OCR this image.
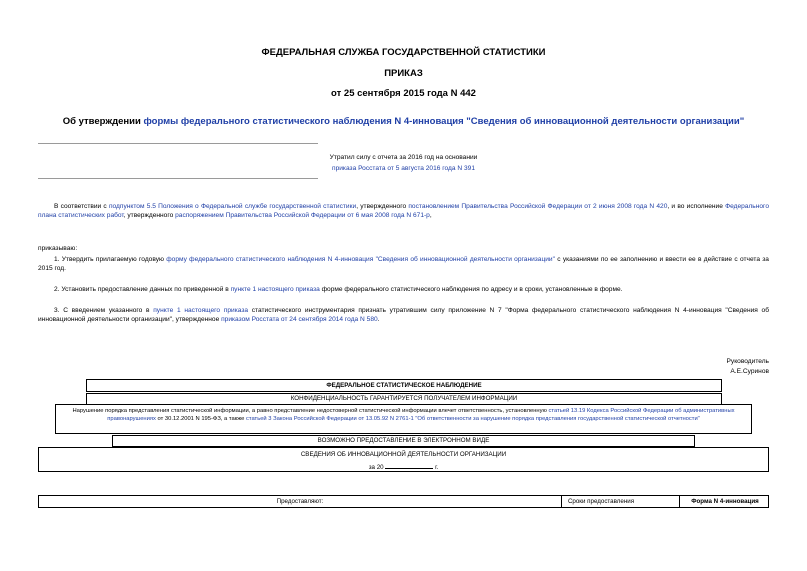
ФЕДЕРАЛЬНАЯ СЛУЖБА ГОСУДАРСТВЕННОЙ СТАТИСТИКИ
ПРИКАЗ
от 25 сентября 2015 года N 442
Об утверждении формы федерального статистического наблюдения N 4-инновация "Сведения об инновационной деятельности организации"
Утратил силу с отчета за 2016 год на основании
приказа Росстата от 5 августа 2016 года N 391
В соответствии с подпунктом 5.5 Положения о Федеральной службе государственной статистики, утвержденного постановлением Правительства Российской Федерации от 2 июня 2008 года N 420, и во исполнение Федерального плана статистических работ, утвержденного распоряжением Правительства Российской Федерации от 6 мая 2008 года N 671-р,
приказываю:
1. Утвердить прилагаемую годовую форму федерального статистического наблюдения N 4-инновация "Сведения об инновационной деятельности организации" с указаниями по ее заполнению и ввести ее в действие с отчета за 2015 год.
2. Установить предоставление данных по приведенной в пункте 1 настоящего приказа форме федерального статистического наблюдения по адресу и в сроки, установленные в форме.
3. С введением указанного в пункте 1 настоящего приказа статистического инструментария признать утратившим силу приложение N 7 "Форма федерального статистического наблюдения N 4-инновация "Сведения об инновационной деятельности организации", утвержденное приказом Росстата от 24 сентября 2014 года N 580.
Руководитель
А.Е.Суринов
ФЕДЕРАЛЬНОЕ СТАТИСТИЧЕСКОЕ НАБЛЮДЕНИЕ
КОНФИДЕНЦИАЛЬНОСТЬ ГАРАНТИРУЕТСЯ ПОЛУЧАТЕЛЕМ ИНФОРМАЦИИ
Нарушение порядка представления статистической информации, а равно представление недостоверной статистической информации влечет ответственность, установленную статьей 13.19 Кодекса Российской Федерации об административных правонарушениях от 30.12.2001 N 195-ФЗ, а также статьей 3 Закона Российской Федерации от 13.05.92 N 2761-1 "Об ответственности за нарушение порядка представления государственной статистической отчетности"
ВОЗМОЖНО ПРЕДОСТАВЛЕНИЕ В ЭЛЕКТРОННОМ ВИДЕ
СВЕДЕНИЯ ОБ ИННОВАЦИОННОЙ ДЕЯТЕЛЬНОСТИ ОРГАНИЗАЦИИ
за 20	г.
Предоставляют:	Сроки предоставления	Форма N 4-инновация
